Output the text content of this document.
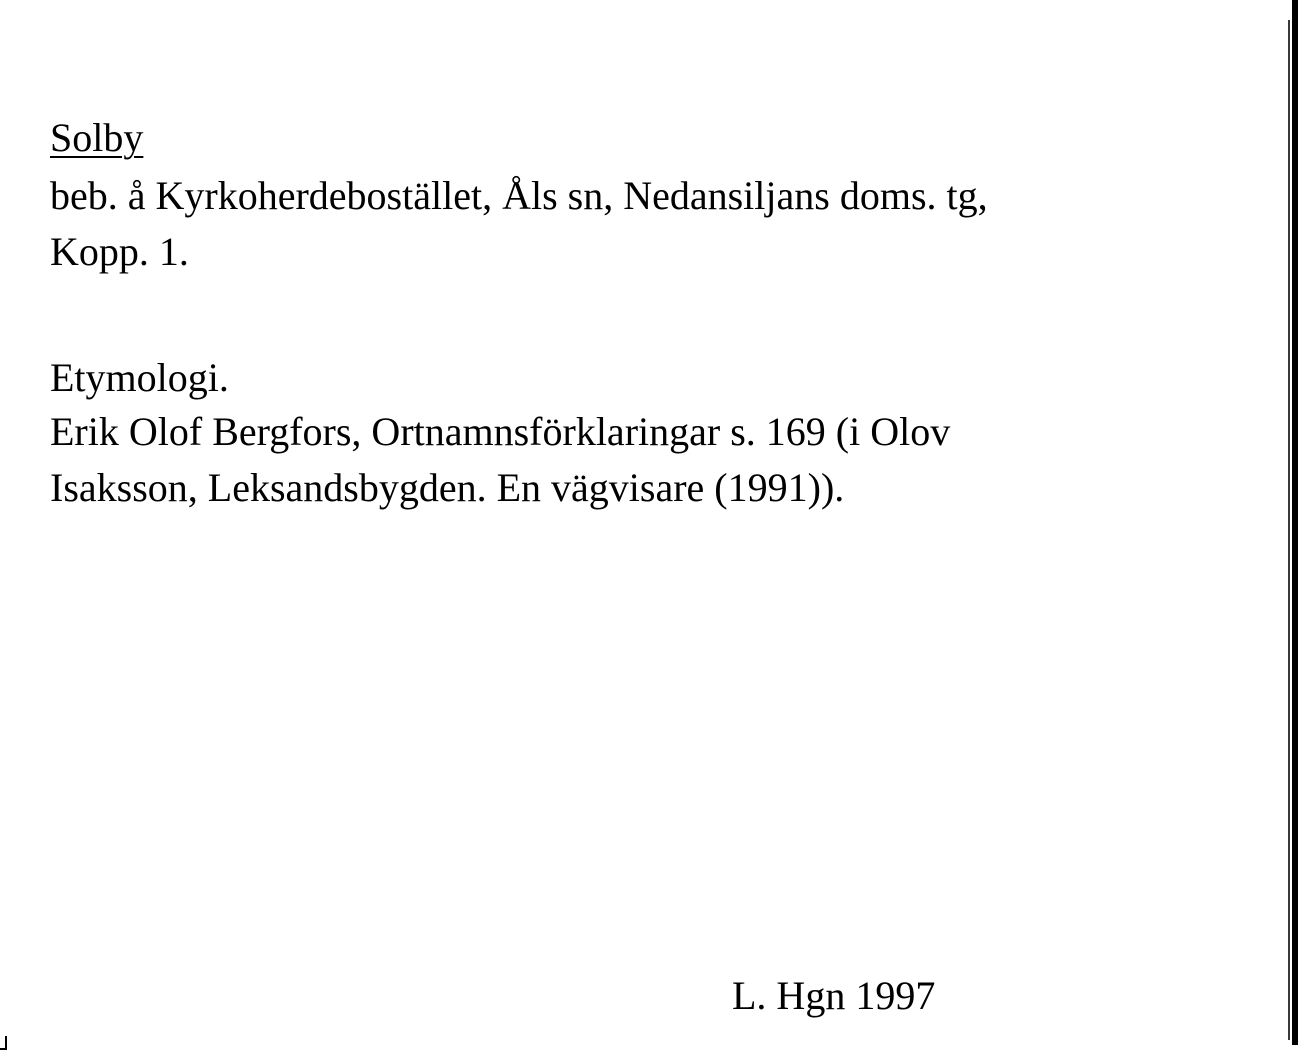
Solby
beb. å Kyrkoherdebostället, Åls sn, Nedansiljans doms. tg,
Kopp. 1.
Etymologi.
Erik Olof Bergfors, Ortnamnsförklaringar s. 169 (i Olov
Isaksson, Leksandsbygden. En vägvisare (1991)).
L. Hgn 1997
